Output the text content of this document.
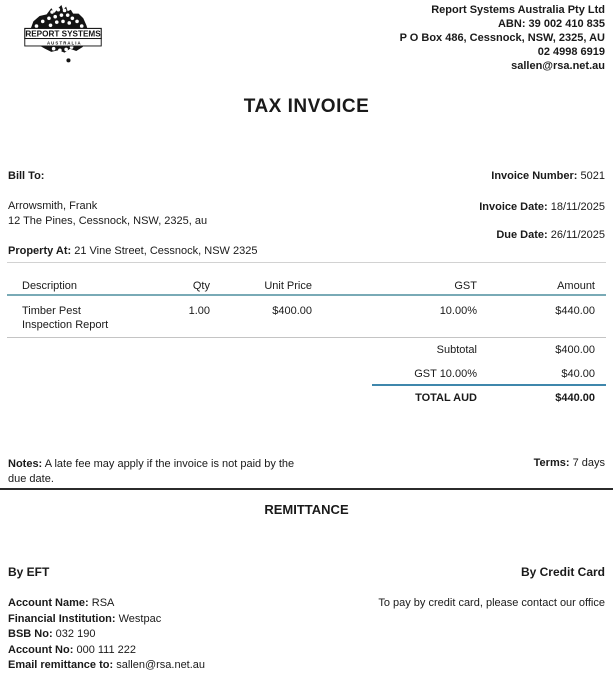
REPORT SYSTEMS
A U S T R A L I A
Report Systems Australia Pty Ltd
ABN: 39 002 410 835
P O Box 486, Cessnock, NSW, 2325, AU
02 4998 6919
sallen@rsa.net.au
TAX INVOICE
Bill To:
Arrowsmith, Frank
12 The Pines, Cessnock, NSW, 2325, au
Property At: 21 Vine Street, Cessnock, NSW 2325
Invoice Number: 5021
Invoice Date: 18/11/2025
Due Date: 26/11/2025
Description	Qty	Unit Price	GST	Amount
Timber Pest Inspection Report
1.00	$400.00	10.00%	$440.00
Subtotal	$400.00
GST 10.00%	$40.00
TOTAL AUD	$440.00
Notes: A late fee may apply if the invoice is not paid by the due date.
Terms: 7 days
REMITTANCE
By EFT	By Credit Card
Account Name: RSA
Financial Institution: Westpac
BSB No: 032 190
Account No: 000 111 222
Email remittance to: sallen@rsa.net.au
To pay by credit card, please contact our office
